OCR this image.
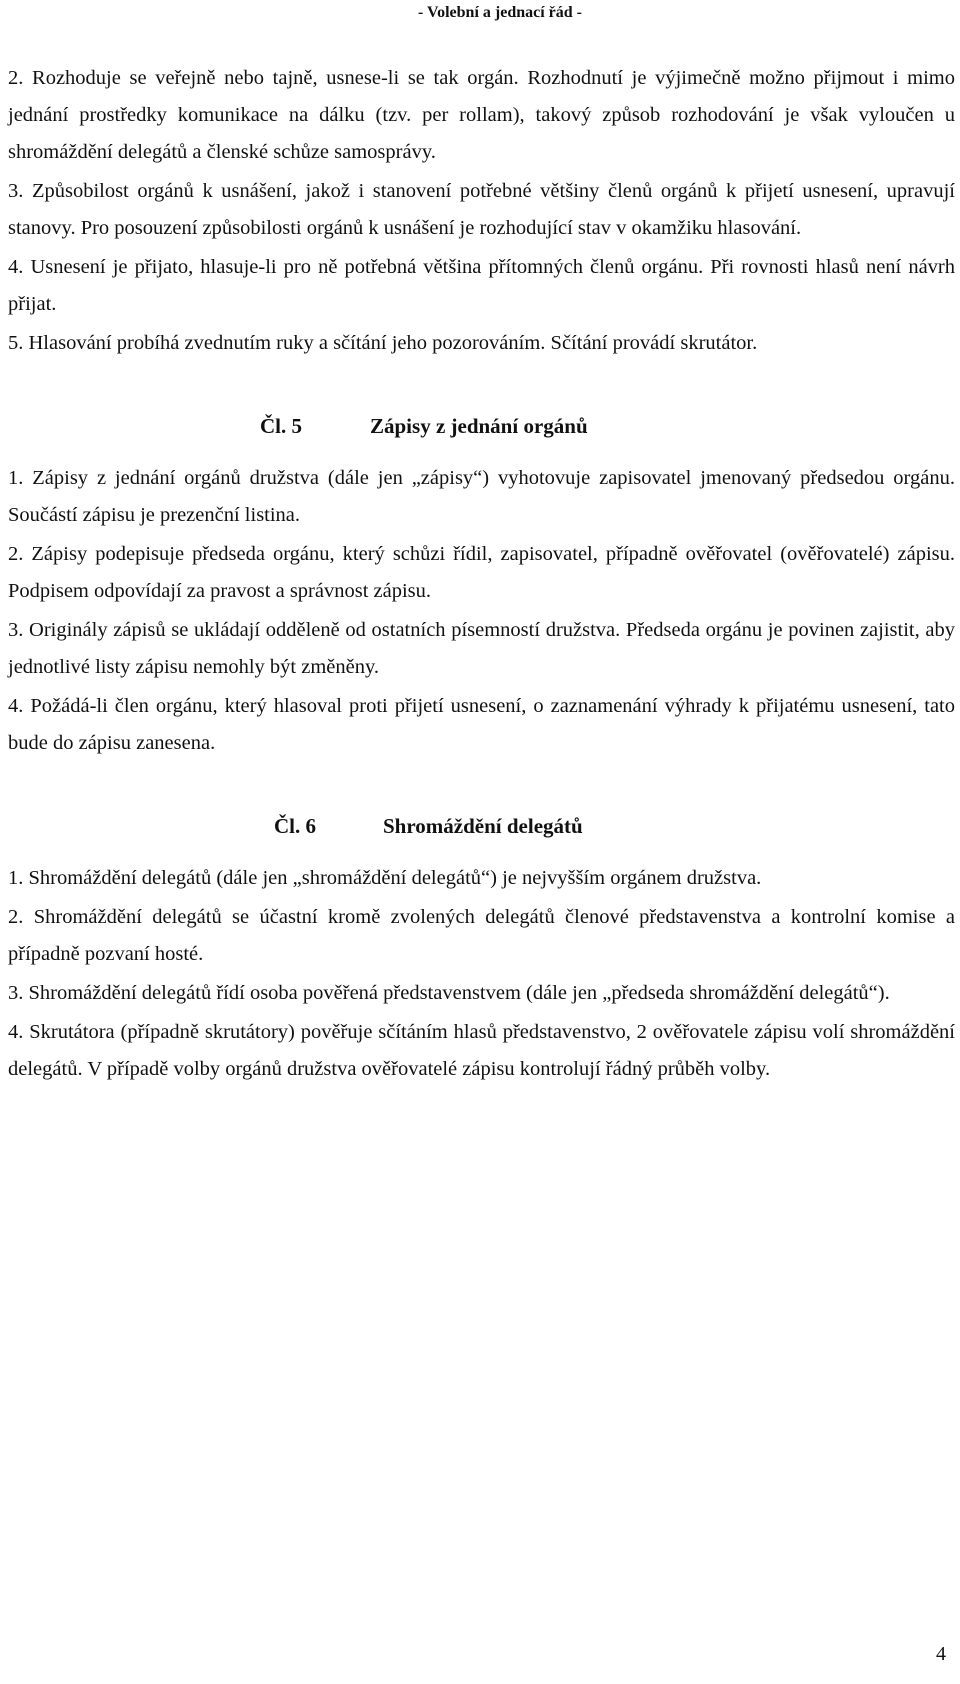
- Volební a jednací řád -

2. Rozhoduje se veřejně nebo tajně, usnese-li se tak orgán. Rozhodnutí je výjimečně možno přijmout i mimo jednání prostředky komunikace na dálku (tzv. per rollam), takový způsob rozhodování je však vyloučen u shromáždění delegátů a členské schůze samosprávy.

3. Způsobilost orgánů k usnášení, jakož i stanovení potřebné většiny členů orgánů k přijetí usnesení, upravují stanovy. Pro posouzení způsobilosti orgánů k usnášení je rozhodující stav v okamžiku hlasování.

4. Usnesení je přijato, hlasuje-li pro ně potřebná většina přítomných členů orgánu. Při rovnosti hlasů není návrh přijat.

5. Hlasování probíhá zvednutím ruky a sčítání jeho pozorováním. Sčítání provádí skrutátor.

Čl. 5	Zápisy z jednání orgánů

1. Zápisy z jednání orgánů družstva (dále jen „zápisy“) vyhotovuje zapisovatel jmenovaný předsedou orgánu. Součástí zápisu je prezenční listina.

2. Zápisy podepisuje předseda orgánu, který schůzi řídil, zapisovatel, případně ověřovatel (ověřovatelé) zápisu. Podpisem odpovídají za pravost a správnost zápisu.

3. Originály zápisů se ukládají odděleně od ostatních písemností družstva. Předseda orgánu je povinen zajistit, aby jednotlivé listy zápisu nemohly být změněny.

4. Požádá-li člen orgánu, který hlasoval proti přijetí usnesení, o zaznamenání výhrady k přijatému usnesení, tato bude do zápisu zanesena.

Čl. 6	Shromáždění delegátů

1. Shromáždění delegátů (dále jen „shromáždění delegátů“) je nejvyšším orgánem družstva.

2. Shromáždění delegátů se účastní kromě zvolených delegátů členové představenstva a kontrolní komise a případně pozvaní hosté.

3. Shromáždění delegátů řídí osoba pověřená představenstvem (dále jen „předseda shromáždění delegátů“).

4. Skrutátora (případně skrutátory) pověřuje sčítáním hlasů představenstvo, 2 ověřovatele zápisu volí shromáždění delegátů. V případě volby orgánů družstva ověřovatelé zápisu kontrolují řádný průběh volby.

4
